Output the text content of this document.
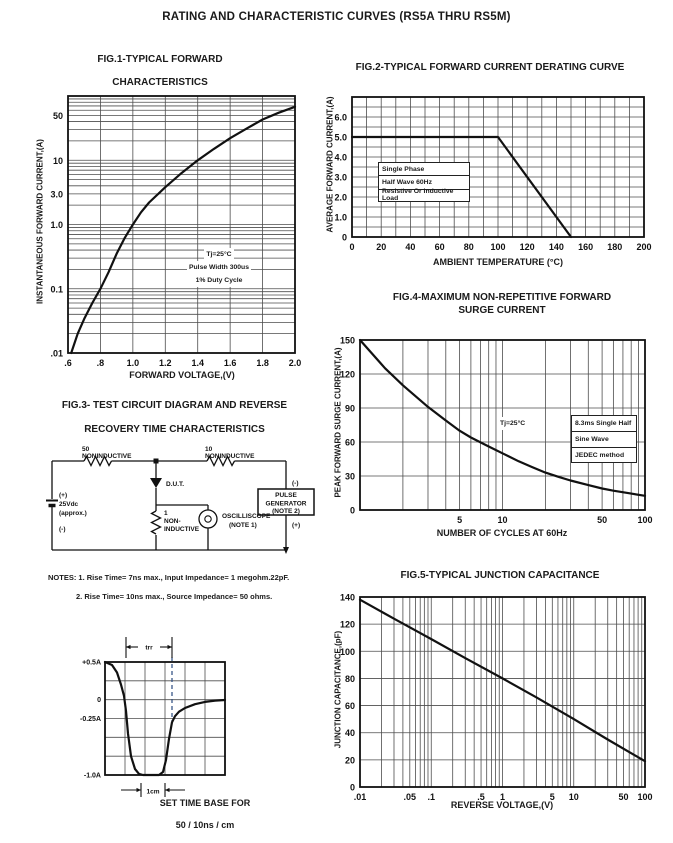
RATING AND CHARACTERISTIC CURVES (RS5A THRU RS5M)
FIG.1-TYPICAL FORWARD
CHARACTERISTICS
.6	.8 1.0 1.2 1.4 1.6 1.8 2.0
50
10
3.0
1.0
0.1
.01
INSTANTANEOUS FORWARD CURRENT,(A)
FORWARD VOLTAGE,(V)
Tj=25°C
Pulse Width 300us
1% Duty Cycle
FIG.2-TYPICAL FORWARD CURRENT DERATING CURVE
0 20 40 60 80 100 120 140 160 180 200
0
1.0
2.0
3.0
4.0
5.0
6.0
AVERAGE FORWARD CURRENT,(A)
AMBIENT TEMPERATURE (°C)
Single Phase
Half Wave 60Hz
Resistive Or Inductive Load
FIG.4-MAXIMUM NON-REPETITIVE FORWARD
SURGE CURRENT
5	10	50	100
0
30
60
90
120
150
PEAK FORWARD SURGE CURRENT,(A)
NUMBER OF CYCLES AT 60Hz
Tj=25°C	8.3ms Single Half
Sine Wave
JEDEC method
FIG.5-TYPICAL JUNCTION CAPACITANCE
.01	.05 .1	.5 1	5 10	50 100
0
20
40
60
80
100
120
140
JUNCTION CAPACITANCE,(pF)
REVERSE VOLTAGE,(V)
FIG.3- TEST CIRCUIT DIAGRAM AND REVERSE
RECOVERY TIME CHARACTERISTICS
50
NONINDUCTIVE
10
NONINDUCTIVE
(+)
25Vdc
(approx.)
(-)
D.U.T.
1
NON-
INDUCTIVE
OSCILLISCOPE
(NOTE 1)
(-)
PULSE
GENERATOR
(NOTE 2)
(+)
NOTES: 1. Rise Time= 7ns max., Input Impedance= 1 megohm.22pF.
2. Rise Time= 10ns max., Source Impedance= 50 ohms.
+0.5A
0
-0.25A
-1.0A
trr
1cm
SET TIME BASE FOR
50 / 10ns / cm
